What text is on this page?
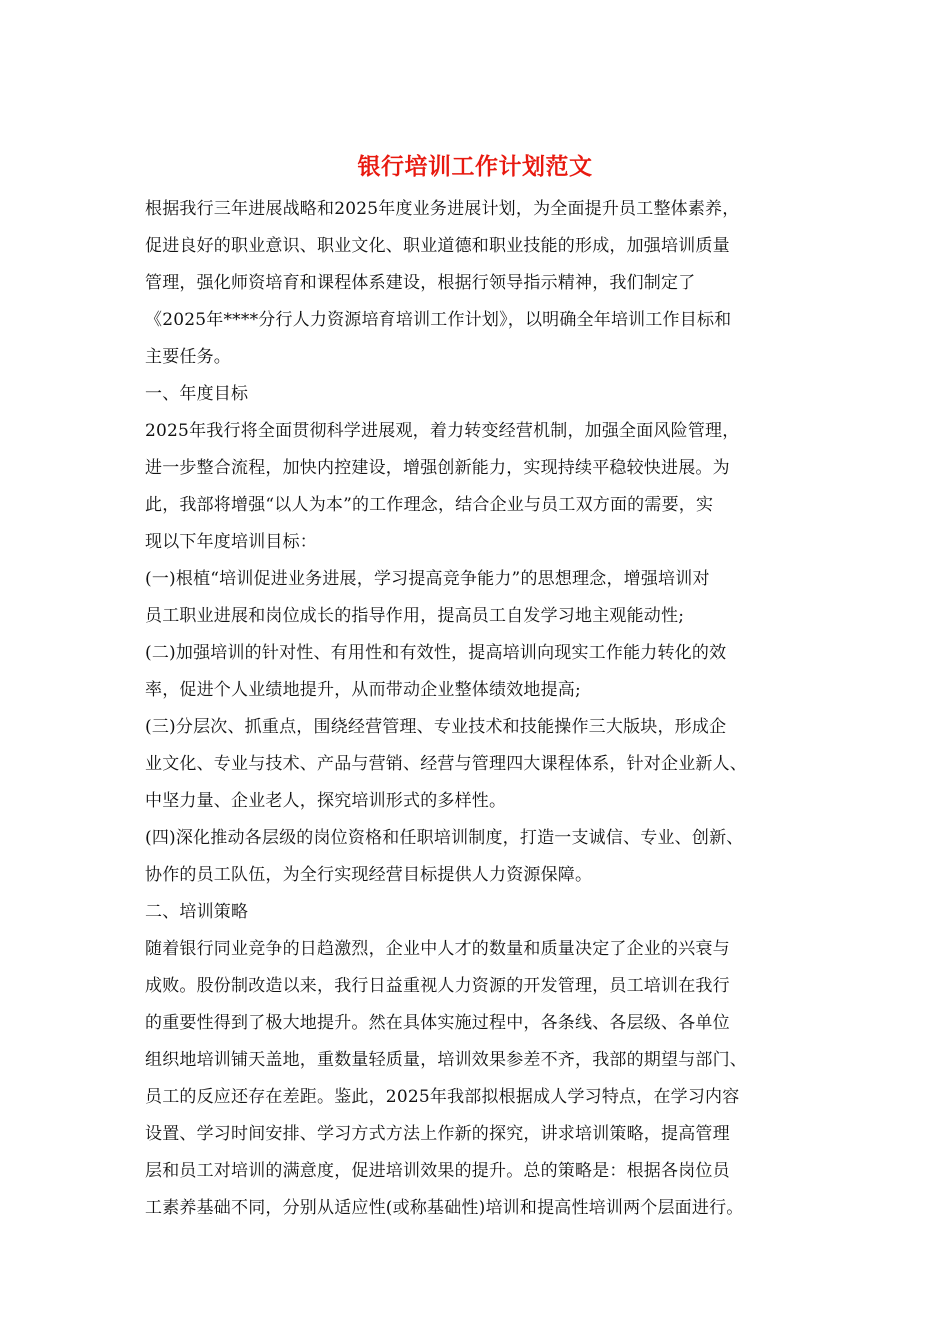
银行培训工作计划范文
根据我行三年进展战略和2025年度业务进展计划，为全面提升员工整体素养，
促进良好的职业意识、职业文化、职业道德和职业技能的形成，加强培训质量
管理，强化师资培育和课程体系建设，根据行领导指示精神，我们制定了
《2025年****分行人力资源培育培训工作计划》，以明确全年培训工作目标和
主要任务。
一、年度目标
2025年我行将全面贯彻科学进展观，着力转变经营机制，加强全面风险管理，
进一步整合流程，加快内控建设，增强创新能力，实现持续平稳较快进展。为
此，我部将增强“以人为本”的工作理念，结合企业与员工双方面的需要，实
现以下年度培训目标：
(一)根植“培训促进业务进展，学习提高竞争能力”的思想理念，增强培训对
员工职业进展和岗位成长的指导作用，提高员工自发学习地主观能动性;
(二)加强培训的针对性、有用性和有效性，提高培训向现实工作能力转化的效
率，促进个人业绩地提升，从而带动企业整体绩效地提高;
(三)分层次、抓重点，围绕经营管理、专业技术和技能操作三大版块，形成企
业文化、专业与技术、产品与营销、经营与管理四大课程体系，针对企业新人、
中坚力量、企业老人，探究培训形式的多样性。
(四)深化推动各层级的岗位资格和任职培训制度，打造一支诚信、专业、创新、
协作的员工队伍，为全行实现经营目标提供人力资源保障。
二、培训策略
随着银行同业竞争的日趋激烈，企业中人才的数量和质量决定了企业的兴衰与
成败。股份制改造以来，我行日益重视人力资源的开发管理，员工培训在我行
的重要性得到了极大地提升。然在具体实施过程中，各条线、各层级、各单位
组织地培训铺天盖地，重数量轻质量，培训效果参差不齐，我部的期望与部门、
员工的反应还存在差距。鉴此，2025年我部拟根据成人学习特点，在学习内容
设置、学习时间安排、学习方式方法上作新的探究，讲求培训策略，提高管理
层和员工对培训的满意度，促进培训效果的提升。总的策略是：根据各岗位员
工素养基础不同，分别从适应性(或称基础性)培训和提高性培训两个层面进行。
